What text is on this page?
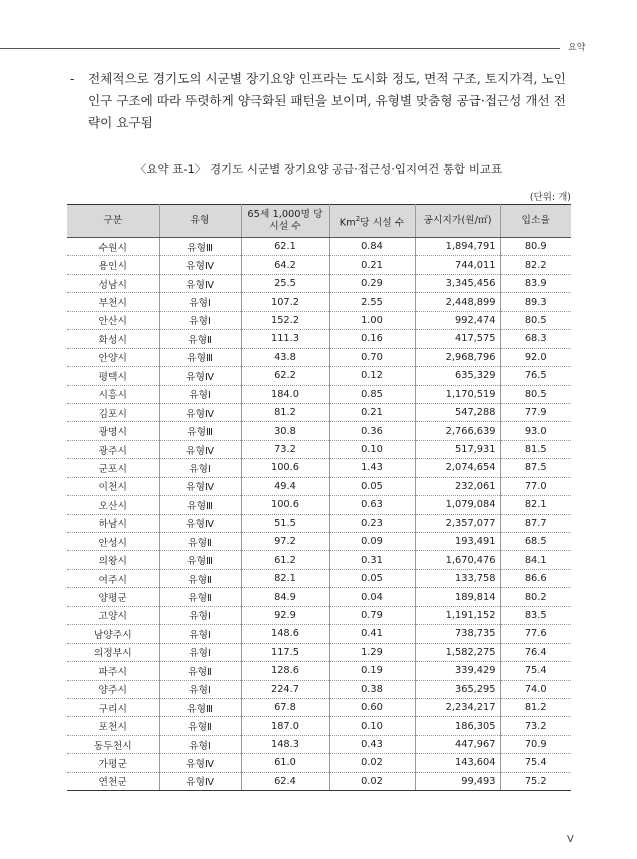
요약
- 전체적으로 경기도의 시군별 장기요양 인프라는 도시화 정도, 면적 구조, 토지가격, 노인 인구 구조에 따라 뚜렷하게 양극화된 패턴을 보이며, 유형별 맞춤형 공급·접근성 개선 전략이 요구됨
〈요약 표-1〉 경기도 시군별 장기요양 공급·접근성·입지여건 통합 비교표
(단위: 개)
구분	유형	65세 1,000명 당 시설 수	Km$^2$당 시설 수	공시지가(원/㎡)	입소율
수원시	유형Ⅲ	62.1	0.84	1,894,791	80.9
용인시	유형Ⅳ	64.2	0.21	744,011	82.2
성남시	유형Ⅳ	25.5	0.29	3,345,456	83.9
부천시	유형Ⅰ	107.2	2.55	2,448,899	89.3
안산시	유형Ⅰ	152.2	1.00	992,474	80.5
화성시	유형Ⅱ	111.3	0.16	417,575	68.3
안양시	유형Ⅲ	43.8	0.70	2,968,796	92.0
평택시	유형Ⅳ	62.2	0.12	635,329	76.5
시흥시	유형Ⅰ	184.0	0.85	1,170,519	80.5
김포시	유형Ⅳ	81.2	0.21	547,288	77.9
광명시	유형Ⅲ	30.8	0.36	2,766,639	93.0
광주시	유형Ⅳ	73.2	0.10	517,931	81.5
군포시	유형Ⅰ	100.6	1.43	2,074,654	87.5
이천시	유형Ⅳ	49.4	0.05	232,061	77.0
오산시	유형Ⅲ	100.6	0.63	1,079,084	82.1
하남시	유형Ⅳ	51.5	0.23	2,357,077	87.7
안성시	유형Ⅱ	97.2	0.09	193,491	68.5
의왕시	유형Ⅲ	61.2	0.31	1,670,476	84.1
여주시	유형Ⅱ	82.1	0.05	133,758	86.6
양평군	유형Ⅱ	84.9	0.04	189,814	80.2
고양시	유형Ⅰ	92.9	0.79	1,191,152	83.5
남양주시	유형Ⅰ	148.6	0.41	738,735	77.6
의정부시	유형Ⅰ	117.5	1.29	1,582,275	76.4
파주시	유형Ⅱ	128.6	0.19	339,429	75.4
양주시	유형Ⅰ	224.7	0.38	365,295	74.0
구리시	유형Ⅲ	67.8	0.60	2,234,217	81.2
포천시	유형Ⅱ	187.0	0.10	186,305	73.2
동두천시	유형Ⅰ	148.3	0.43	447,967	70.9
가평군	유형Ⅳ	61.0	0.02	143,604	75.4
연천군	유형Ⅳ	62.4	0.02	99,493	75.2
V
